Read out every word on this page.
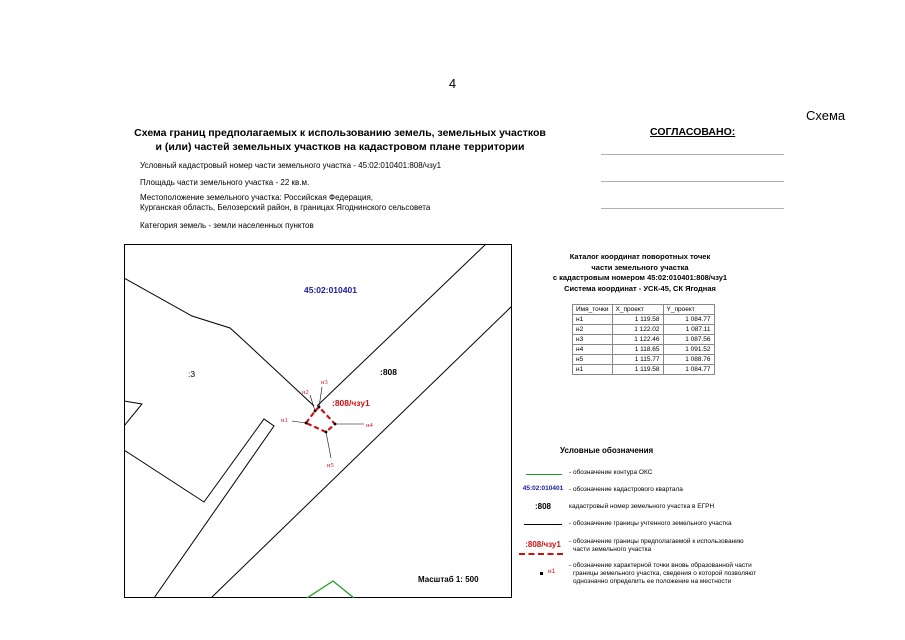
4
Схема
Схема границ предполагаемых к использованию земель, земельных участков
и (или) частей земельных участков на кадастровом плане территории
СОГЛАСОВАНО:
Условный кадастровый номер части земельного участка - 45:02:010401:808/чзу1
Площадь части земельного участка - 22 кв.м.
Местоположение земельного участка: Российская Федерация,
Курганская область, Белозерский район, в границах Ягоднинского сельсовета
Категория земель - земли населенных пунктов
45:02:010401
:3	:808
:808/чзу1
н1
н2
н3
н4
н5
Масштаб 1: 500
Каталог координат поворотных точек
части земельного участка
с кадастровым номером 45:02:010401:808/чзу1
Система координат - УСК-45, СК Ягодная
Имя_точки	X_проект	Y_проект
н1	1 119.58	1 084.77
н2	1 122.02	1 087.11
н3	1 122.46	1 087.56
н4	1 118.65	1 091.52
н5	1 115.77	1 088.76
н1	1 119.58	1 084.77
Условные обозначения
- обозначение контура ОКС
45:02:010401 - обозначение кадастрового квартала
:808	кадастровый номер земельного участка в ЕГРН
- обозначение границы учтенного земельного участка
:808/чзу1	- обозначение границы предполагаемой к использованию
части земельного участка
н1
- обозначение характерной точки вновь образованной части
границы земельного участка, сведения о которой позволяют
однозначно определить ее положение на местности
